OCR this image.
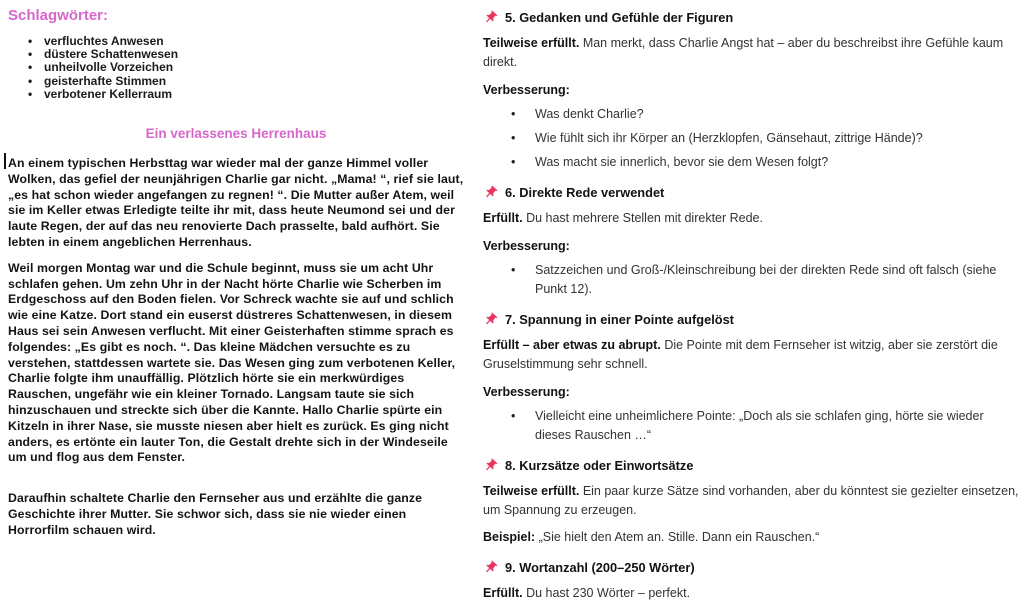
Schlagwörter:
• verfluchtes Anwesen
• düstere Schattenwesen
• unheilvolle Vorzeichen
• geisterhafte Stimmen
• verbotener Kellerraum
Ein verlassenes Herrenhaus

An einem typischen Herbsttag war wieder mal der ganze Himmel voller Wolken, das gefiel der neunjährigen Charlie gar nicht. „Mama! “, rief sie laut, „es hat schon wieder angefangen zu regnen! “. Die Mutter außer Atem, weil sie im Keller etwas Erledigte teilte ihr mit, dass heute Neumond sei und der laute Regen, der auf das neu renovierte Dach prasselte, bald aufhört. Sie lebten in einem angeblichen Herrenhaus.

Weil morgen Montag war und die Schule beginnt, muss sie um acht Uhr schlafen gehen. Um zehn Uhr in der Nacht hörte Charlie wie Scherben im Erdgeschoss auf den Boden fielen. Vor Schreck wachte sie auf und schlich wie eine Katze. Dort stand ein euserst düstreres Schattenwesen, in diesem Haus sei sein Anwesen verflucht. Mit einer Geisterhaften stimme sprach es folgendes: „Es gibt es noch. “. Das kleine Mädchen versuchte es zu verstehen, stattdessen wartete sie. Das Wesen ging zum verbotenen Keller, Charlie folgte ihm unauffällig. Plötzlich hörte sie ein merkwürdiges Rauschen, ungefähr wie ein kleiner Tornado. Langsam taute sie sich hinzuschauen und streckte sich über die Kannte. Hallo Charlie spürte ein Kitzeln in ihrer Nase, sie musste niesen aber hielt es zurück. Es ging nicht anders, es ertönte ein lauter Ton, die Gestalt drehte sich in der Windeseile um und flog aus dem Fenster.

Daraufhin schaltete Charlie den Fernseher aus und erzählte die ganze Geschichte ihrer Mutter. Sie schwor sich, dass sie nie wieder einen Horrorfilm schauen wird.

5. Gedanken und Gefühle der Figuren

Teilweise erfüllt. Man merkt, dass Charlie Angst hat – aber du beschreibst ihre Gefühle kaum direkt.

Verbesserung:

• Was denkt Charlie?
• Wie fühlt sich ihr Körper an (Herzklopfen, Gänsehaut, zittrige Hände)?
• Was macht sie innerlich, bevor sie dem Wesen folgt?
6. Direkte Rede verwendet

Erfüllt. Du hast mehrere Stellen mit direkter Rede.

Verbesserung:

• Satzzeichen und Groß-/Kleinschreibung bei der direkten Rede sind oft falsch (siehe Punkt 12).
7. Spannung in einer Pointe aufgelöst

Erfüllt – aber etwas zu abrupt. Die Pointe mit dem Fernseher ist witzig, aber sie zerstört die Gruselstimmung sehr schnell.

Verbesserung:

• Vielleicht eine unheimlichere Pointe: „Doch als sie schlafen ging, hörte sie wieder dieses Rauschen …“
8. Kurzsätze oder Einwortsätze

Teilweise erfüllt. Ein paar kurze Sätze sind vorhanden, aber du könntest sie gezielter einsetzen, um Spannung zu erzeugen.

Beispiel: „Sie hielt den Atem an. Stille. Dann ein Rauschen.“

9. Wortanzahl (200–250 Wörter)

Erfüllt. Du hast 230 Wörter – perfekt.
